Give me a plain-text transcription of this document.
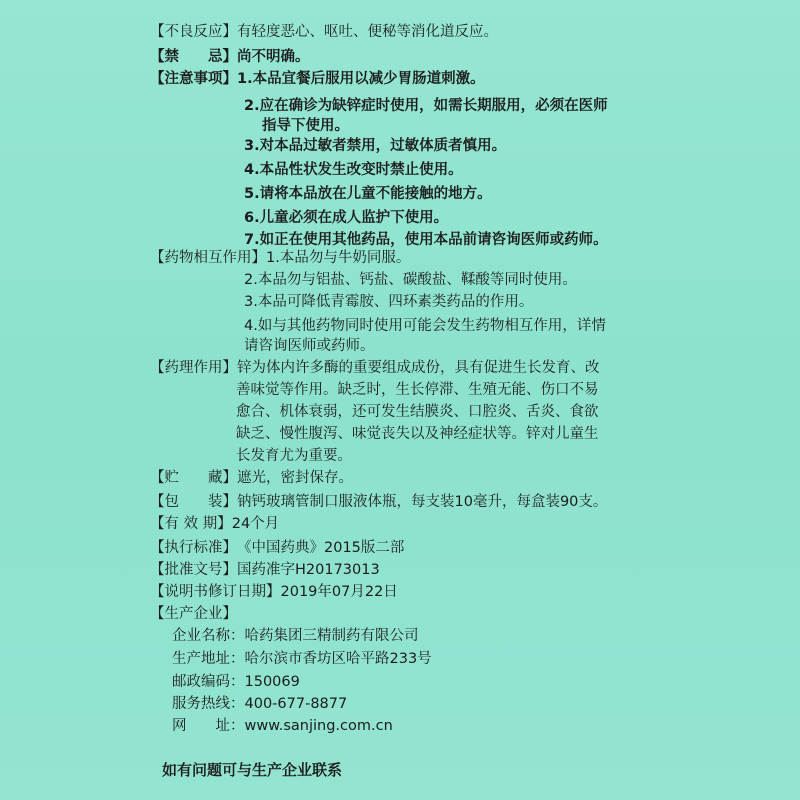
【不良反应】有轻度恶心、呕吐、便秘等消化道反应。
【禁　　忌】尚不明确。
【注意事项】1.本品宜餐后服用以减少胃肠道刺激。
2.应在确诊为缺锌症时使用，如需长期服用，必须在医师
指导下使用。
3.对本品过敏者禁用，过敏体质者慎用。
4.本品性状发生改变时禁止使用。
5.请将本品放在儿童不能接触的地方。
6.儿童必须在成人监护下使用。
7.如正在使用其他药品，使用本品前请咨询医师或药师。
【药物相互作用】1.本品勿与牛奶同服。
2.本品勿与铝盐、钙盐、碳酸盐、鞣酸等同时使用。
3.本品可降低青霉胺、四环素类药品的作用。
4.如与其他药物同时使用可能会发生药物相互作用，详情
请咨询医师或药师。
【药理作用】锌为体内许多酶的重要组成成份，具有促进生长发育、改
善味觉等作用。缺乏时，生长停滞、生殖无能、伤口不易
愈合、机体衰弱，还可发生结膜炎、口腔炎、舌炎、食欲
缺乏、慢性腹泻、味觉丧失以及神经症状等。锌对儿童生
长发育尤为重要。
【贮　　藏】遮光，密封保存。
【包　　装】钠钙玻璃管制口服液体瓶，每支装10毫升，每盒装90支。
【有 效 期】24个月
【执行标准】《中国药典》2015版二部
【批准文号】国药准字H20173013
【说明书修订日期】2019年07月22日
【生产企业】
企业名称：哈药集团三精制药有限公司
生产地址：哈尔滨市香坊区哈平路233号
邮政编码：150069
服务热线：400-677-8877
网　　址：www.sanjing.com.cn
如有问题可与生产企业联系
